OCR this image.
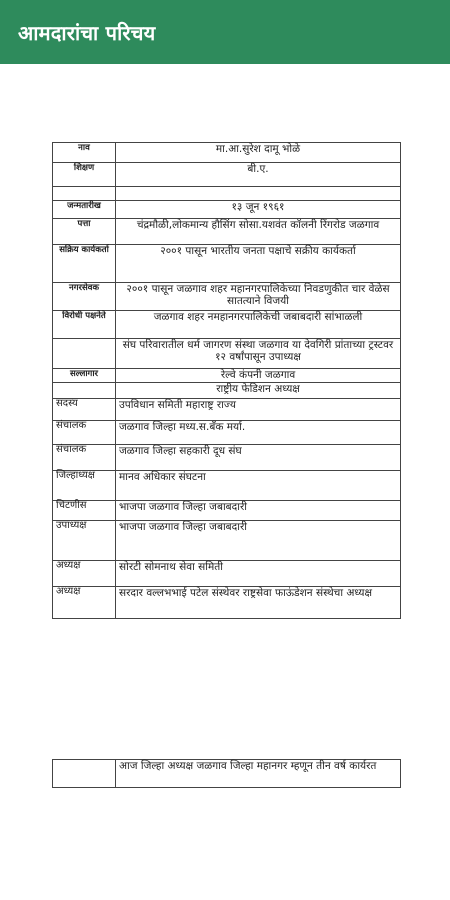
आमदारांचा परिचय
नाव	मा.आ.सुरेश दामू भोळे
शिक्षण	बी.ए.

जन्मतारीख	१३ जून १९६१
पत्ता	चंद्रमौळी,लोकमान्य हौसिंग सोसा.यशवंत कॉलनी रिंगरोड जळगाव
सक्रिय कार्यकर्ता	२००१ पासून भारतीय जनता पक्षाचे सक्रीय कार्यकर्ता
नगरसेवक	२००१ पासून जळगाव शहर महानगरपालिकेच्या निवडणुकीत चार वेळेस सातत्याने विजयी
विरोधी पक्षनेते	जळगाव शहर नमहानगरपालिकेची जबाबदारी सांभाळली
	संघ परिवारातील धर्म जागरण संस्था जळगाव या देवगिरी प्रांताच्या ट्रस्टवर १२ वर्षांपासून उपाध्यक्ष
सल्लागार	रेल्वे कंपनी जळगाव
	राष्ट्रीय फेडिशन अध्यक्ष
सदस्य	उपविधान समिती महाराष्ट्र राज्य
संचालक	जळगाव जिल्हा मध्य.स.बँक मर्या.
संचालक	जळगाव जिल्हा सहकारी दूध संघ
जिल्हाध्यक्ष	मानव अधिकार संघटना
चिटणीस	भाजपा जळगाव जिल्हा जबाबदारी
उपाध्यक्ष	भाजपा जळगाव जिल्हा जबाबदारी
अध्यक्ष	सोरटी सोमनाथ सेवा समिती
अध्यक्ष	सरदार वल्लभभाई पटेल संस्थेवर राष्ट्रसेवा फाऊंडेशन संस्थेचा अध्यक्ष
	आज जिल्हा अध्यक्ष जळगाव जिल्हा महानगर म्हणून तीन वर्ष कार्यरत
